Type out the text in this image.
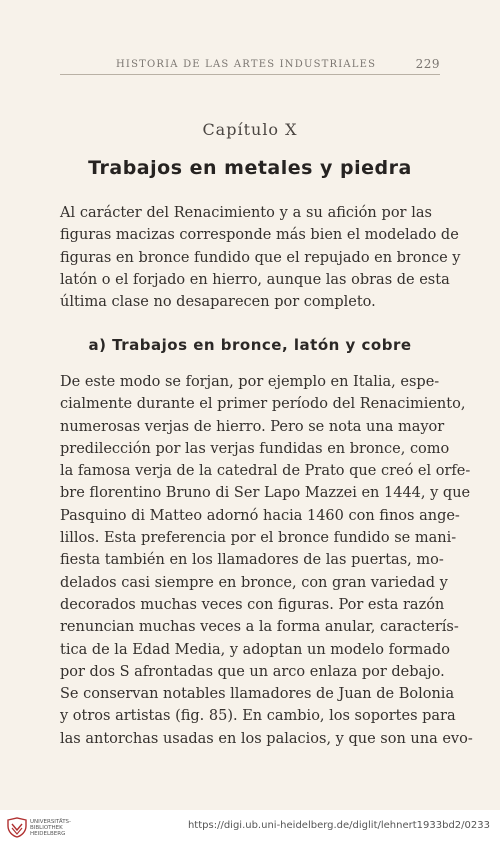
HISTORIA DE LAS ARTES INDUSTRIALES	229
Capítulo X
Trabajos en metales y piedra
Al carácter del Renacimiento y a su afición por las
figuras macizas corresponde más bien el modelado de
figuras en bronce fundido que el repujado en bronce y
latón o el forjado en hierro, aunque las obras de esta
última clase no desaparecen por completo.
a) Trabajos en bronce, latón y cobre
De este modo se forjan, por ejemplo en Italia, espe-
cialmente durante el primer período del Renacimiento,
numerosas verjas de hierro. Pero se nota una mayor
predilección por las verjas fundidas en bronce, como
la famosa verja de la catedral de Prato que creó el orfe-
bre florentino Bruno di Ser Lapo Mazzei en 1444, y que
Pasquino di Matteo adornó hacia 1460 con finos ange-
lillos. Esta preferencia por el bronce fundido se mani-
fiesta también en los llamadores de las puertas, mo-
delados casi siempre en bronce, con gran variedad y
decorados muchas veces con figuras. Por esta razón
renuncian muchas veces a la forma anular, caracterís-
tica de la Edad Media, y adoptan un modelo formado
por dos S afrontadas que un arco enlaza por debajo.
Se conservan notables llamadores de Juan de Bolonia
y otros artistas (fig. 85). En cambio, los soportes para
las antorchas usadas en los palacios, y que son una evo-
UNIVERSITÄTS-
BIBLIOTHEK
HEIDELBERG
https://digi.ub.uni-heidelberg.de/diglit/lehnert1933bd2/0233
